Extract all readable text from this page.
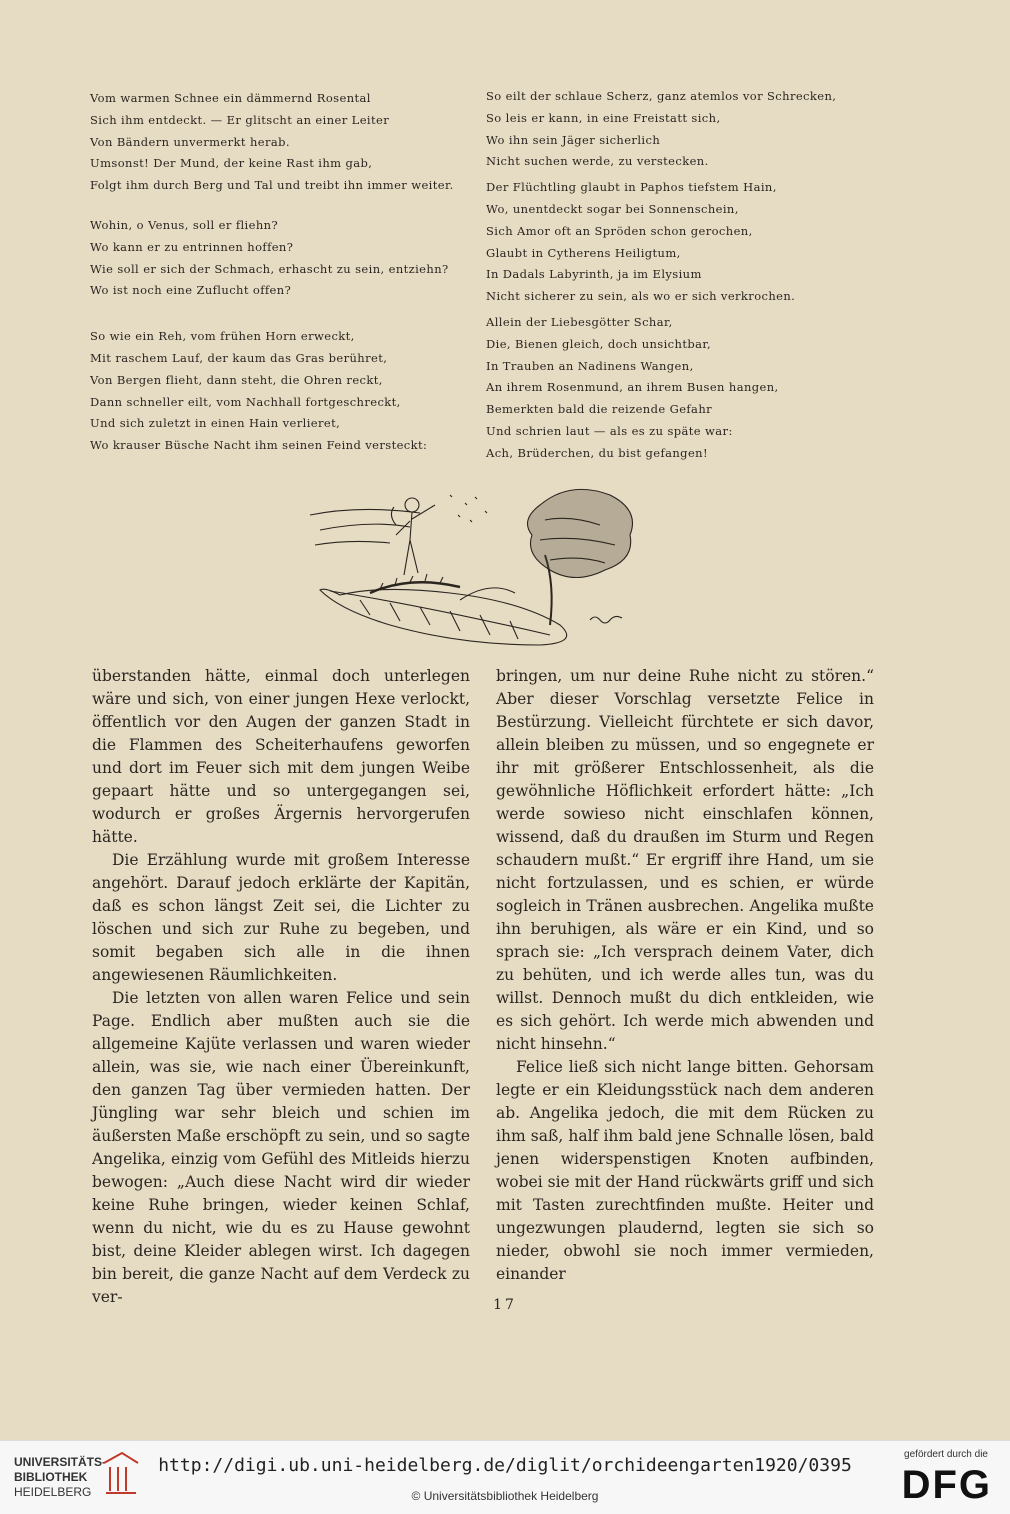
Vom warmen Schnee ein dämmernd Rosental
Sich ihm entdeckt. — Er glitscht an einer Leiter
Von Bändern unvermerkt herab.
Umsonst! Der Mund, der keine Rast ihm gab,
Folgt ihm durch Berg und Tal und treibt ihn immer weiter.
Wohin, o Venus, soll er fliehn?
Wo kann er zu entrinnen hoffen?
Wie soll er sich der Schmach, erhascht zu sein, entziehn?
Wo ist noch eine Zuflucht offen?
So wie ein Reh, vom frühen Horn erweckt,
Mit raschem Lauf, der kaum das Gras berühret,
Von Bergen flieht, dann steht, die Ohren reckt,
Dann schneller eilt, vom Nachhall fortgeschreckt,
Und sich zuletzt in einen Hain verlieret,
Wo krauser Büsche Nacht ihm seinen Feind versteckt:
So eilt der schlaue Scherz, ganz atemlos vor Schrecken,
So leis er kann, in eine Freistatt sich,
Wo ihn sein Jäger sicherlich
Nicht suchen werde, zu verstecken.
Der Flüchtling glaubt in Paphos tiefstem Hain,
Wo, unentdeckt sogar bei Sonnenschein,
Sich Amor oft an Spröden schon gerochen,
Glaubt in Cytherens Heiligtum,
In Dadals Labyrinth, ja im Elysium
Nicht sicherer zu sein, als wo er sich verkrochen.
Allein der Liebesgötter Schar,
Die, Bienen gleich, doch unsichtbar,
In Trauben an Nadinens Wangen,
An ihrem Rosenmund, an ihrem Busen hangen,
Bemerkten bald die reizende Gefahr
Und schrien laut — als es zu späte war:
Ach, Brüderchen, du bist gefangen!

überstanden hätte, einmal doch unterlegen wäre und sich, von einer jungen Hexe verlockt, öffentlich vor den Augen der ganzen Stadt in die Flammen des Scheiterhaufens geworfen und dort im Feuer sich mit dem jungen Weibe gepaart hätte und so untergegangen sei, wodurch er großes Ärgernis hervorgerufen hätte.

Die Erzählung wurde mit großem Interesse angehört. Darauf jedoch erklärte der Kapitän, daß es schon längst Zeit sei, die Lichter zu löschen und sich zur Ruhe zu begeben, und somit begaben sich alle in die ihnen angewiesenen Räumlichkeiten.

Die letzten von allen waren Felice und sein Page. Endlich aber mußten auch sie die allgemeine Kajüte verlassen und waren wieder allein, was sie, wie nach einer Übereinkunft, den ganzen Tag über vermieden hatten. Der Jüngling war sehr bleich und schien im äußersten Maße erschöpft zu sein, und so sagte Angelika, einzig vom Gefühl des Mitleids hierzu bewogen: „Auch diese Nacht wird dir wieder keine Ruhe bringen, wieder keinen Schlaf, wenn du nicht, wie du es zu Hause gewohnt bist, deine Kleider ablegen wirst. Ich dagegen bin bereit, die ganze Nacht auf dem Verdeck zu ver-

bringen, um nur deine Ruhe nicht zu stören.“ Aber dieser Vorschlag versetzte Felice in Bestürzung. Vielleicht fürchtete er sich davor, allein bleiben zu müssen, und so engegnete er ihr mit größerer Entschlossenheit, als die gewöhnliche Höflichkeit erfordert hätte: „Ich werde sowieso nicht einschlafen können, wissend, daß du draußen im Sturm und Regen schaudern mußt.“ Er ergriff ihre Hand, um sie nicht fortzulassen, und es schien, er würde sogleich in Tränen ausbrechen. Angelika mußte ihn beruhigen, als wäre er ein Kind, und so sprach sie: „Ich versprach deinem Vater, dich zu behüten, und ich werde alles tun, was du willst. Dennoch mußt du dich entkleiden, wie es sich gehört. Ich werde mich abwenden und nicht hinsehn.“

Felice ließ sich nicht lange bitten. Gehorsam legte er ein Kleidungsstück nach dem anderen ab. Angelika jedoch, die mit dem Rücken zu ihm saß, half ihm bald jene Schnalle lösen, bald jenen widerspenstigen Knoten aufbinden, wobei sie mit der Hand rückwärts griff und sich mit Tasten zurechtfinden mußte. Heiter und ungezwungen plaudernd, legten sie sich so nieder, obwohl sie noch immer vermieden, einander

17
UNIVERSITÄTS-
BIBLIOTHEK
HEIDELBERG
http://digi.ub.uni-heidelberg.de/diglit/orchideengarten1920/0395
© Universitätsbibliothek Heidelberg
gefördert durch die
DFG
